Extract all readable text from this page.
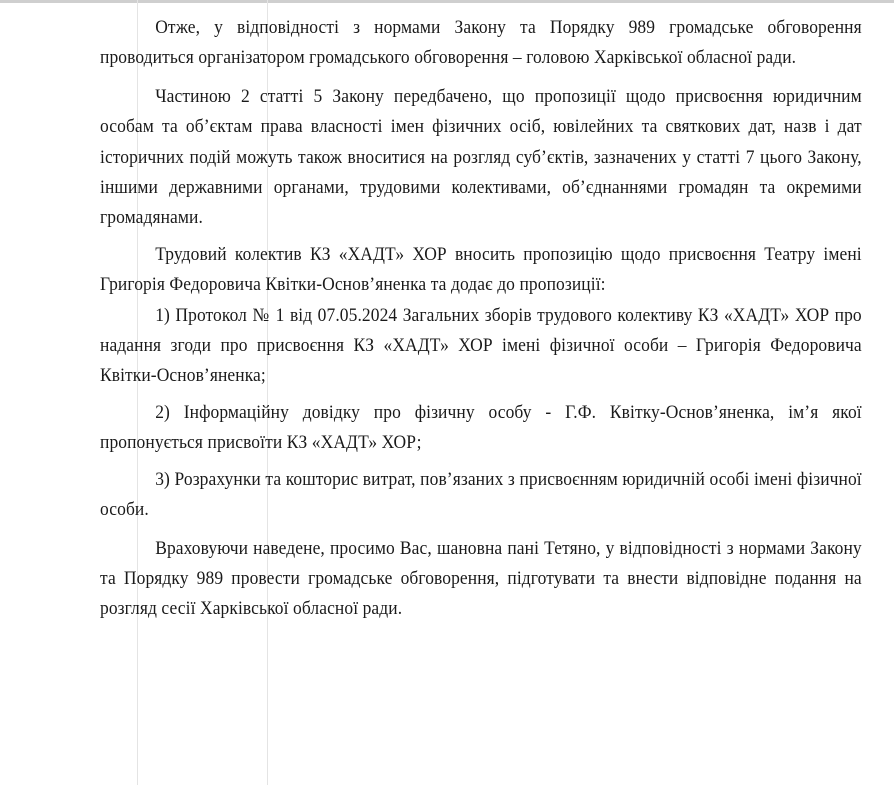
Отже, у відповідності з нормами Закону та Порядку 989 громадське обговорення проводиться організатором громадського обговорення – головою Харківської обласної ради.

Частиною 2 статті 5 Закону передбачено, що пропозиції щодо присвоєння юридичним особам та об’єктам права власності імен фізичних осіб, ювілейних та святкових дат, назв і дат історичних подій можуть також вноситися на розгляд суб’єктів, зазначених у статті 7 цього Закону, іншими державними органами, трудовими колективами, об’єднаннями громадян та окремими громадянами.

Трудовий колектив КЗ «ХАДТ» ХОР вносить пропозицію щодо присвоєння Театру імені Григорія Федоровича Квітки-Основ’яненка та додає до пропозиції:

1) Протокол № 1 від 07.05.2024 Загальних зборів трудового колективу КЗ «ХАДТ» ХОР про надання згоди про присвоєння КЗ «ХАДТ» ХОР імені фізичної особи – Григорія Федоровича Квітки-Основ’яненка;

2) Інформаційну довідку про фізичну особу - Г.Ф. Квітку-Основ’яненка, ім’я якої пропонується присвоїти КЗ «ХАДТ» ХОР;

3) Розрахунки та кошторис витрат, пов’язаних з присвоєнням юридичній особі імені фізичної особи.

Враховуючи наведене, просимо Вас, шановна пані Тетяно, у відповідності з нормами Закону та Порядку 989 провести громадське обговорення, підготувати та внести відповідне подання на розгляд сесії Харківської обласної ради.
